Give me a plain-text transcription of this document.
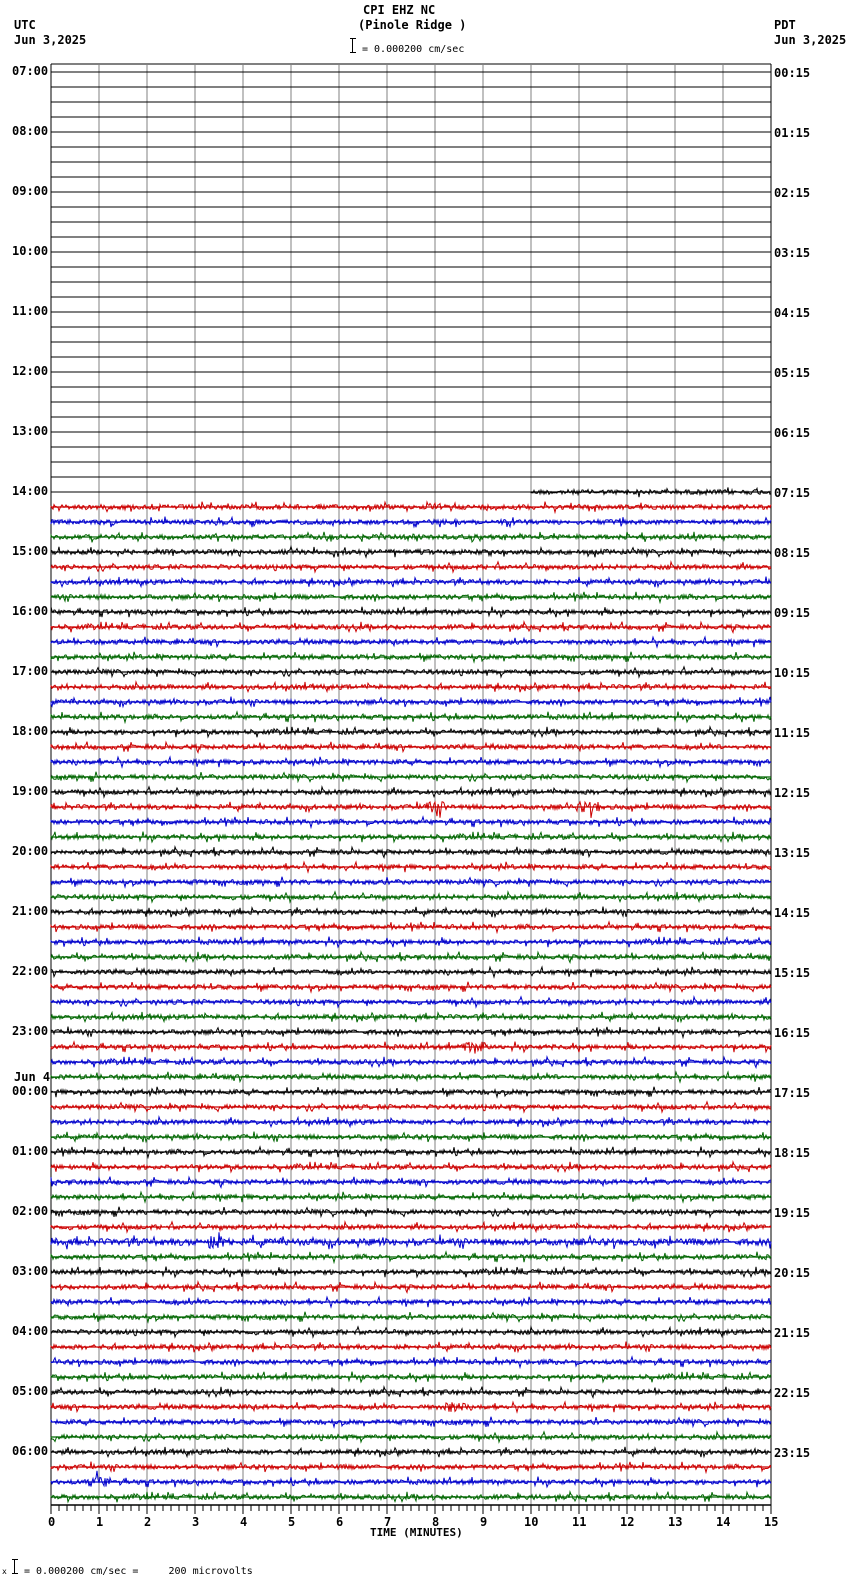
CPI EHZ NC
(Pinole Ridge )
= 0.000200 cm/sec
UTC
Jun 3,2025
PDT
Jun 3,2025
07:00
08:00
09:00
10:00
11:00
12:00
13:00
14:00
15:00
16:00
17:00
18:00
19:00
20:00
21:00
22:00
23:00
00:00
Jun 4
01:00
02:00
03:00
04:00
05:00
06:00
00:15
01:15
02:15
03:15
04:15
05:15
06:15
07:15
08:15
09:15
10:15
11:15
12:15
13:15
14:15
15:15
16:15
17:15
18:15
19:15
20:15
21:15
22:15
23:15
0	1	2	3	4	5	6	7	8	9	10	11	12	13	14	15
TIME (MINUTES)
x = 0.000200 cm/sec =     200 microvolts
